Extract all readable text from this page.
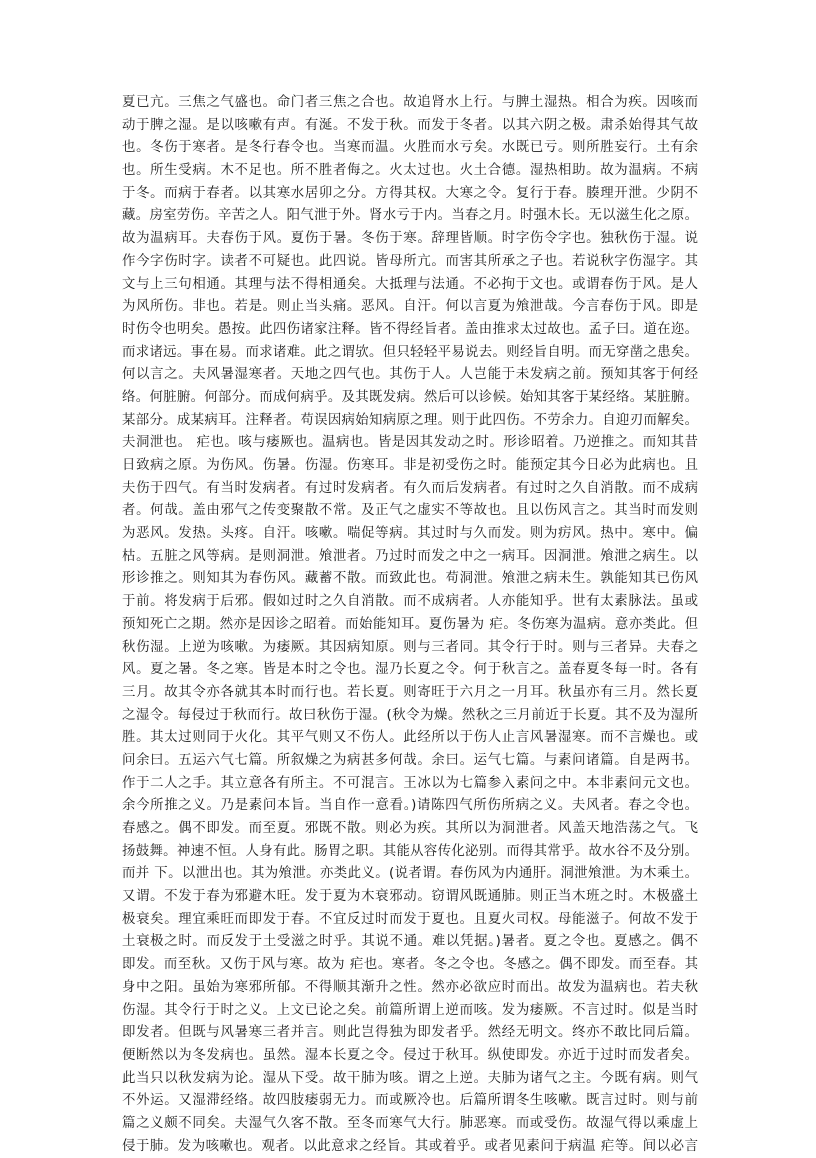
夏已亢。三焦之气盛也。命门者三焦之合也。故追肾水上行。与脾土湿热。相合为疾。因咳而
动于脾之湿。是以咳嗽有声。有涎。不发于秋。而发于冬者。以其六阴之极。肃杀始得其气故
也。冬伤于寒者。是冬行春令也。当寒而温。火胜而水亏矣。水既已亏。则所胜妄行。土有余
也。所生受病。木不足也。所不胜者侮之。火太过也。火土合德。湿热相助。故为温病。不病
于冬。而病于春者。以其寒水居卯之分。方得其权。大寒之令。复行于春。腠理开泄。少阴不
藏。房室劳伤。辛苦之人。阳气泄于外。肾水亏于内。当春之月。时强木长。无以滋生化之原。
故为温病耳。夫春伤于风。夏伤于暑。冬伤于寒。辞理皆顺。时字伤令字也。独秋伤于湿。说
作今字伤时字。读者不可疑也。此四说。皆母所亢。而害其所承之子也。若说秋字伤湿字。其
文与上三句相通。其理与法不得相通矣。大抵理与法通。不必拘于文也。或谓春伤于风。是人
为风所伤。非也。若是。则止当头痛。恶风。自汗。何以言夏为飧泄哉。今言春伤于风。即是
时伤令也明矣。愚按。此四伤诸家注释。皆不得经旨者。盖由推求太过故也。孟子曰。道在迩。
而求诸远。事在易。而求诸难。此之谓欤。但只轻轻平易说去。则经旨自明。而无穿凿之患矣。
何以言之。夫风暑湿寒者。天地之四气也。其伤于人。人岂能于未发病之前。预知其客于何经
络。何脏腑。何部分。而成何病乎。及其既发病。然后可以诊候。始知其客于某经络。某脏腑。
某部分。成某病耳。注释者。苟误因病始知病原之理。则于此四伤。不劳余力。自迎刃而解矣。
夫洞泄也。 疟也。咳与痿厥也。温病也。皆是因其发动之时。形诊昭着。乃逆推之。而知其昔
日致病之原。为伤风。伤暑。伤湿。伤寒耳。非是初受伤之时。能预定其今日必为此病也。且
夫伤于四气。有当时发病者。有过时发病者。有久而后发病者。有过时之久自消散。而不成病
者。何哉。盖由邪气之传变聚散不常。及正气之虚实不等故也。且以伤风言之。其当时而发则
为恶风。发热。头疼。自汗。咳嗽。喘促等病。其过时与久而发。则为疠风。热中。寒中。偏
枯。五脏之风等病。是则洞泄。飧泄者。乃过时而发之中之一病耳。因洞泄。飧泄之病生。以
形诊推之。则知其为春伤风。藏蓄不散。而致此也。苟洞泄。飧泄之病未生。孰能知其已伤风
于前。将发病于后邪。假如过时之久自消散。而不成病者。人亦能知乎。世有太素脉法。虽或
预知死亡之期。然亦是因诊之昭着。而始能知耳。夏伤暑为 疟。冬伤寒为温病。意亦类此。但
秋伤湿。上逆为咳嗽。为痿厥。其因病知原。则与三者同。其令行于时。则与三者异。夫春之
风。夏之暑。冬之寒。皆是本时之令也。湿乃长夏之令。何于秋言之。盖春夏冬每一时。各有
三月。故其令亦各就其本时而行也。若长夏。则寄旺于六月之一月耳。秋虽亦有三月。然长夏
之湿令。每侵过于秋而行。故曰秋伤于湿。(秋令为燥。然秋之三月前近于长夏。其不及为湿所
胜。其太过则同于火化。其平气则又不伤人。此经所以于伤人止言风暑湿寒。而不言燥也。或
问余曰。五运六气七篇。所叙燥之为病甚多何哉。余曰。运气七篇。与素问诸篇。自是两书。
作于二人之手。其立意各有所主。不可混言。王冰以为七篇参入素问之中。本非素问元文也。
余今所推之义。乃是素问本旨。当自作一意看。)请陈四气所伤所病之义。夫风者。春之令也。
春感之。偶不即发。而至夏。邪既不散。则必为疾。其所以为洞泄者。风盖天地浩荡之气。飞
扬鼓舞。神速不恒。人身有此。肠胃之职。其能从容传化泌别。而得其常乎。故水谷不及分别。
而并 下。以泄出也。其为飧泄。亦类此义。(说者谓。春伤风为内通肝。洞泄飧泄。为木乘土。
又谓。不发于春为邪避木旺。发于夏为木衰邪动。窃谓风既通肺。则正当木班之时。木极盛土
极衰矣。理宜乘旺而即发于春。不宜反过时而发于夏也。且夏火司权。母能滋子。何故不发于
土衰极之时。而反发于土受滋之时乎。其说不通。难以凭据。)暑者。夏之令也。夏感之。偶不
即发。而至秋。又伤于风与寒。故为 疟也。寒者。冬之令也。冬感之。偶不即发。而至春。其
身中之阳。虽始为寒邪所郁。不得顺其渐升之性。然亦必欲应时而出。故发为温病也。若夫秋
伤湿。其令行于时之义。上文已论之矣。前篇所谓上逆而咳。发为痿厥。不言过时。似是当时
即发者。但既与风暑寒三者并言。则此岂得独为即发者乎。然经无明文。终亦不敢比同后篇。
便断然以为冬发病也。虽然。湿本长夏之令。侵过于秋耳。纵使即发。亦近于过时而发者矣。
此当只以秋发病为论。湿从下受。故干肺为咳。谓之上逆。夫肺为诸气之主。今既有病。则气
不外运。又湿滞经络。故四肢痿弱无力。而或厥冷也。后篇所谓冬生咳嗽。既言过时。则与前
篇之义颇不同矣。夫湿气久客不散。至冬而寒气大行。肺恶寒。而或受伤。故湿气得以乘虚上
侵于肺。发为咳嗽也。观者。以此意求之经旨。其或着乎。或者见素问于病温 疟等。间以必言
